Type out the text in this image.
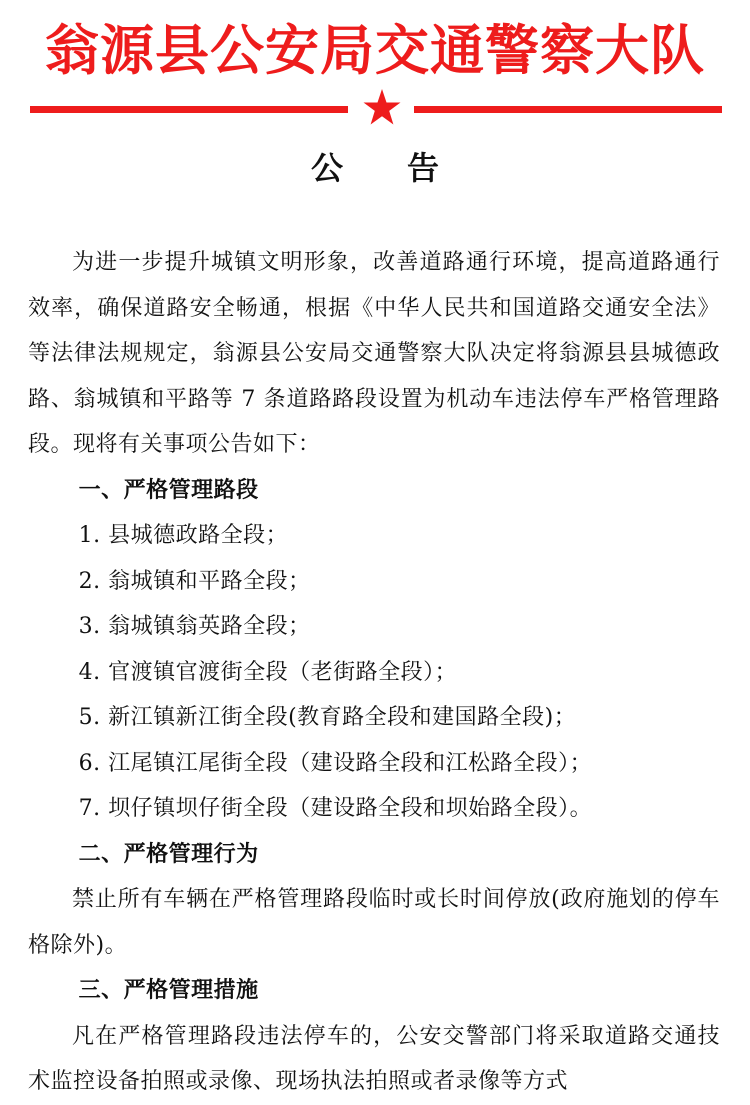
翁源县公安局交通警察大队
公　　告

为进一步提升城镇文明形象，改善道路通行环境，提高道路通行效率，确保道路安全畅通，根据《中华人民共和国道路交通安全法》等法律法规规定，翁源县公安局交通警察大队决定将翁源县县城德政路、翁城镇和平路等 7 条道路路段设置为机动车违法停车严格管理路段。现将有关事项公告如下：

一、严格管理路段

1. 县城德政路全段；

2. 翁城镇和平路全段；

3. 翁城镇翁英路全段；

4. 官渡镇官渡街全段（老街路全段）；

5. 新江镇新江街全段(教育路全段和建国路全段)；

6. 江尾镇江尾街全段（建设路全段和江松路全段）；

7. 坝仔镇坝仔街全段（建设路全段和坝始路全段）。

二、严格管理行为

禁止所有车辆在严格管理路段临时或长时间停放(政府施划的停车格除外)。

三、严格管理措施

凡在严格管理路段违法停车的，公安交警部门将采取道路交通技术监控设备拍照或录像、现场执法拍照或者录像等方式
